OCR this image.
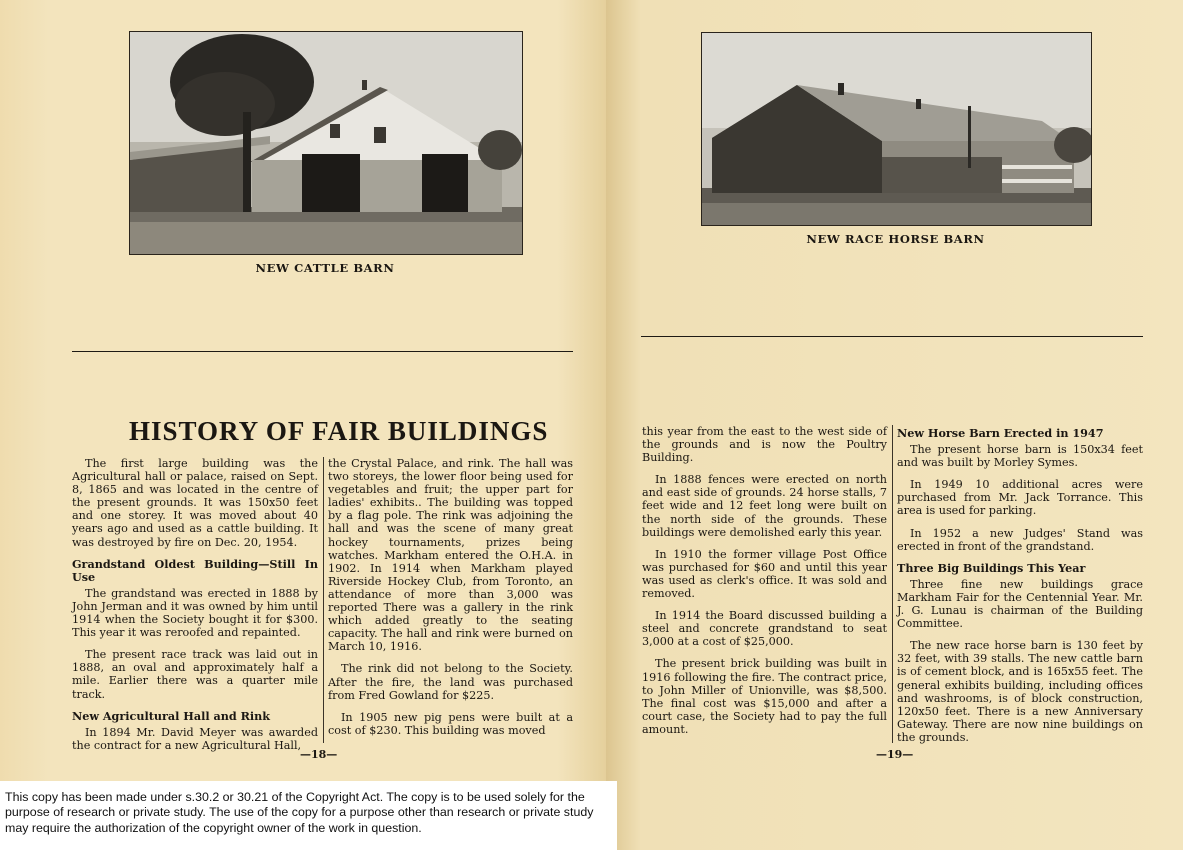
NEW CATTLE BARN
HISTORY OF FAIR BUILDINGS

The first large building was the Agricultural hall or palace, raised on Sept. 8, 1865 and was located in the centre of the present grounds. It was 150x50 feet and one storey. It was moved about 40 years ago and used as a cattle building. It was destroyed by fire on Dec. 20, 1954.

Grandstand Oldest Building—Still In Use

The grandstand was erected in 1888 by John Jerman and it was owned by him until 1914 when the Society bought it for $300. This year it was reroofed and repainted.

The present race track was laid out in 1888, an oval and approximately half a mile. Earlier there was a quarter mile track.

New Agricultural Hall and Rink

In 1894 Mr. David Meyer was awarded the contract for a new Agricultural Hall,

the Crystal Palace, and rink. The hall was two storeys, the lower floor being used for vegetables and fruit; the upper part for ladies' exhibits.. The building was topped by a flag pole. The rink was adjoining the hall and was the scene of many great hockey tournaments, prizes being watches. Markham entered the O.H.A. in 1902. In 1914 when Markham played Riverside Hockey Club, from Toronto, an attendance of more than 3,000 was reported There was a gallery in the rink which added greatly to the seating capacity. The hall and rink were burned on March 10, 1916.

The rink did not belong to the Society. After the fire, the land was purchased from Fred Gowland for $225.

In 1905 new pig pens were built at a cost of $230. This building was moved

—18—
NEW RACE HORSE BARN

this year from the east to the west side of the grounds and is now the Poultry Building.

In 1888 fences were erected on north and east side of grounds. 24 horse stalls, 7 feet wide and 12 feet long were built on the north side of the grounds. These buildings were demolished early this year.

In 1910 the former village Post Office was purchased for $60 and until this year was used as clerk's office. It was sold and removed.

In 1914 the Board discussed building a steel and concrete grandstand to seat 3,000 at a cost of $25,000.

The present brick building was built in 1916 following the fire. The contract price, to John Miller of Unionville, was $8,500. The final cost was $15,000 and after a court case, the Society had to pay the full amount.

New Horse Barn Erected in 1947

The present horse barn is 150x34 feet and was built by Morley Symes.

In 1949 10 additional acres were purchased from Mr. Jack Torrance. This area is used for parking.

In 1952 a new Judges' Stand was erected in front of the grandstand.

Three Big Buildings This Year

Three fine new buildings grace Markham Fair for the Centennial Year. Mr. J. G. Lunau is chairman of the Building Committee.

The new race horse barn is 130 feet by 32 feet, with 39 stalls. The new cattle barn is of cement block, and is 165x55 feet. The general exhibits building, including offices and washrooms, is of block construction, 120x50 feet. There is a new Anniversary Gateway. There are now nine buildings on the grounds.

—19—
This copy has been made under s.30.2 or 30.21 of the Copyright Act. The copy is to be used solely for the purpose of research or private study. The use of the copy for a purpose other than research or private study may require the authorization of the copyright owner of the work in question.
